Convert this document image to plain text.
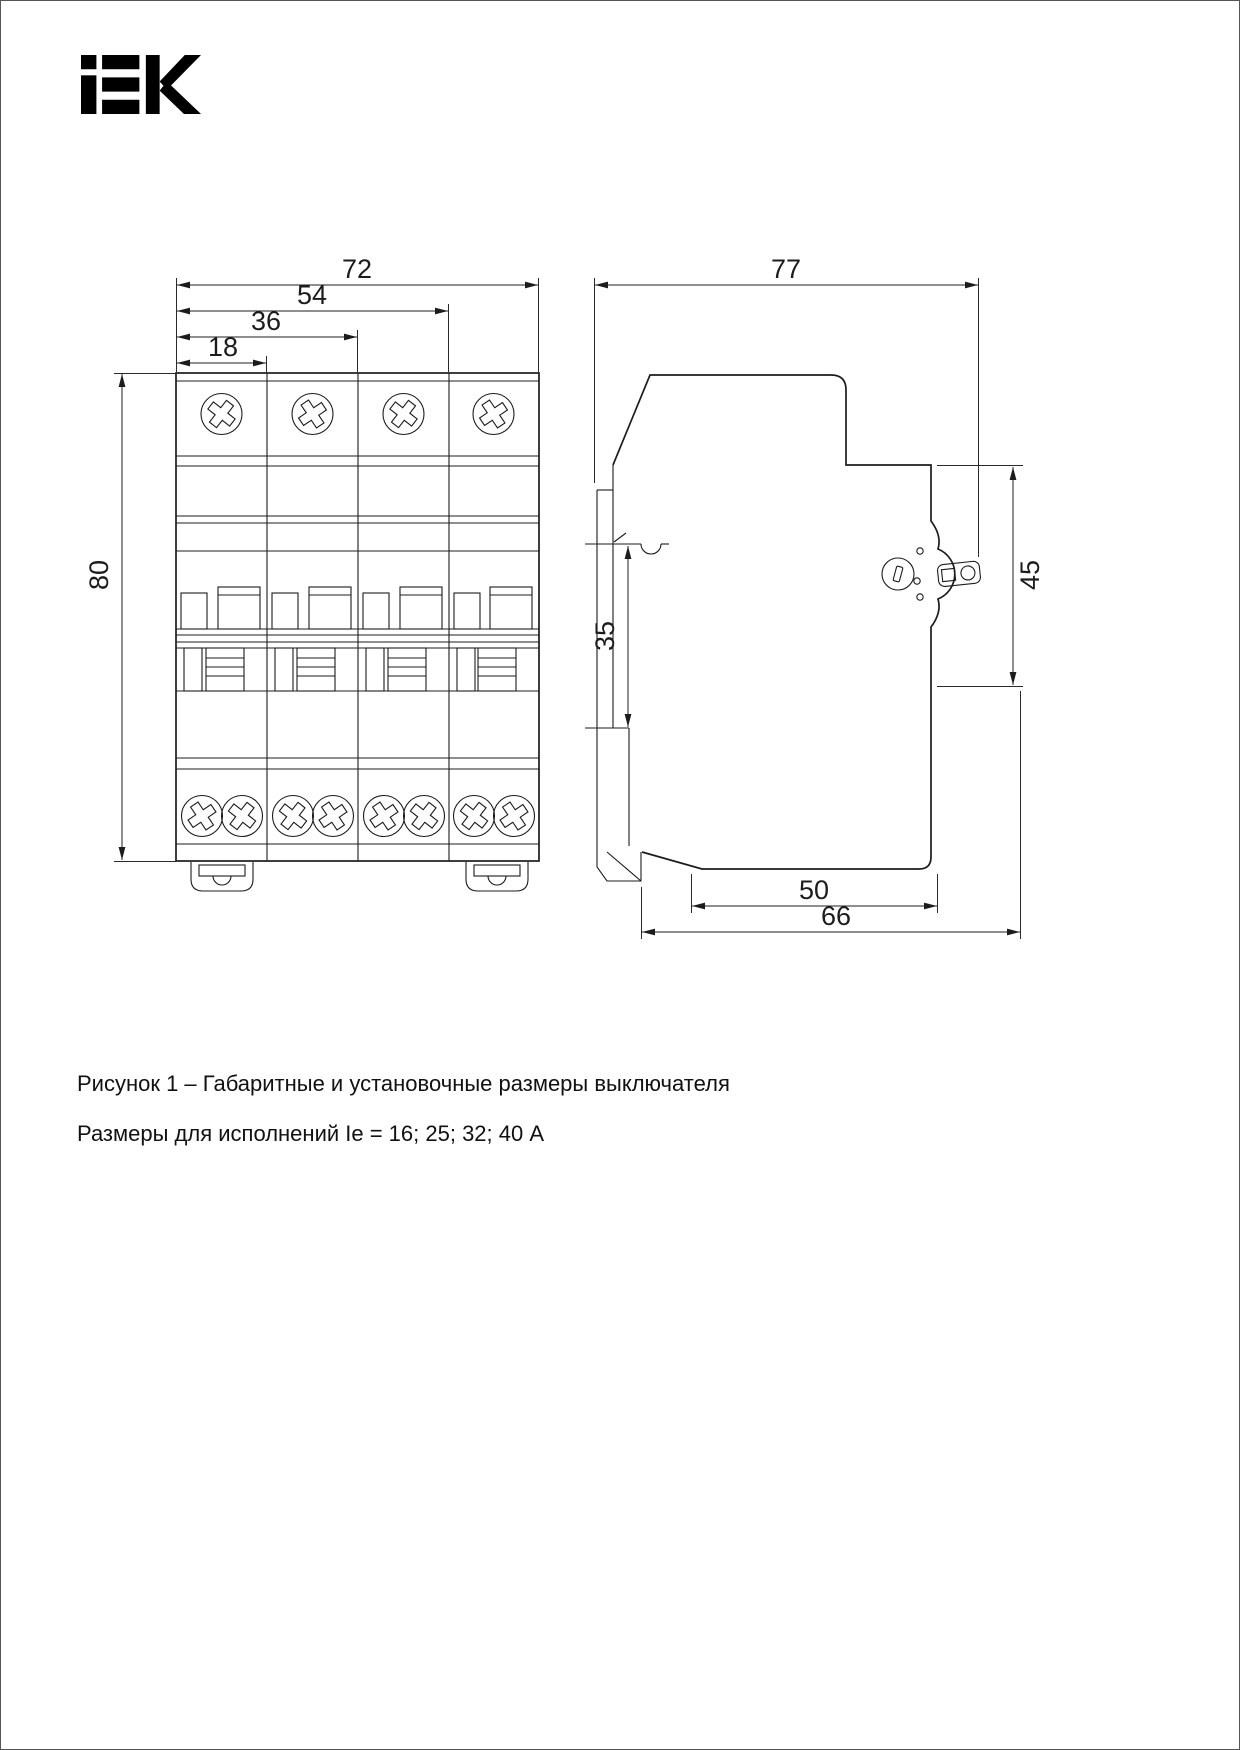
72
54
36
18
80
77
35
45
50
66
Рисунок 1 – Габаритные и установочные размеры выключателя
Размеры для исполнений Ie = 16; 25; 32; 40 А
